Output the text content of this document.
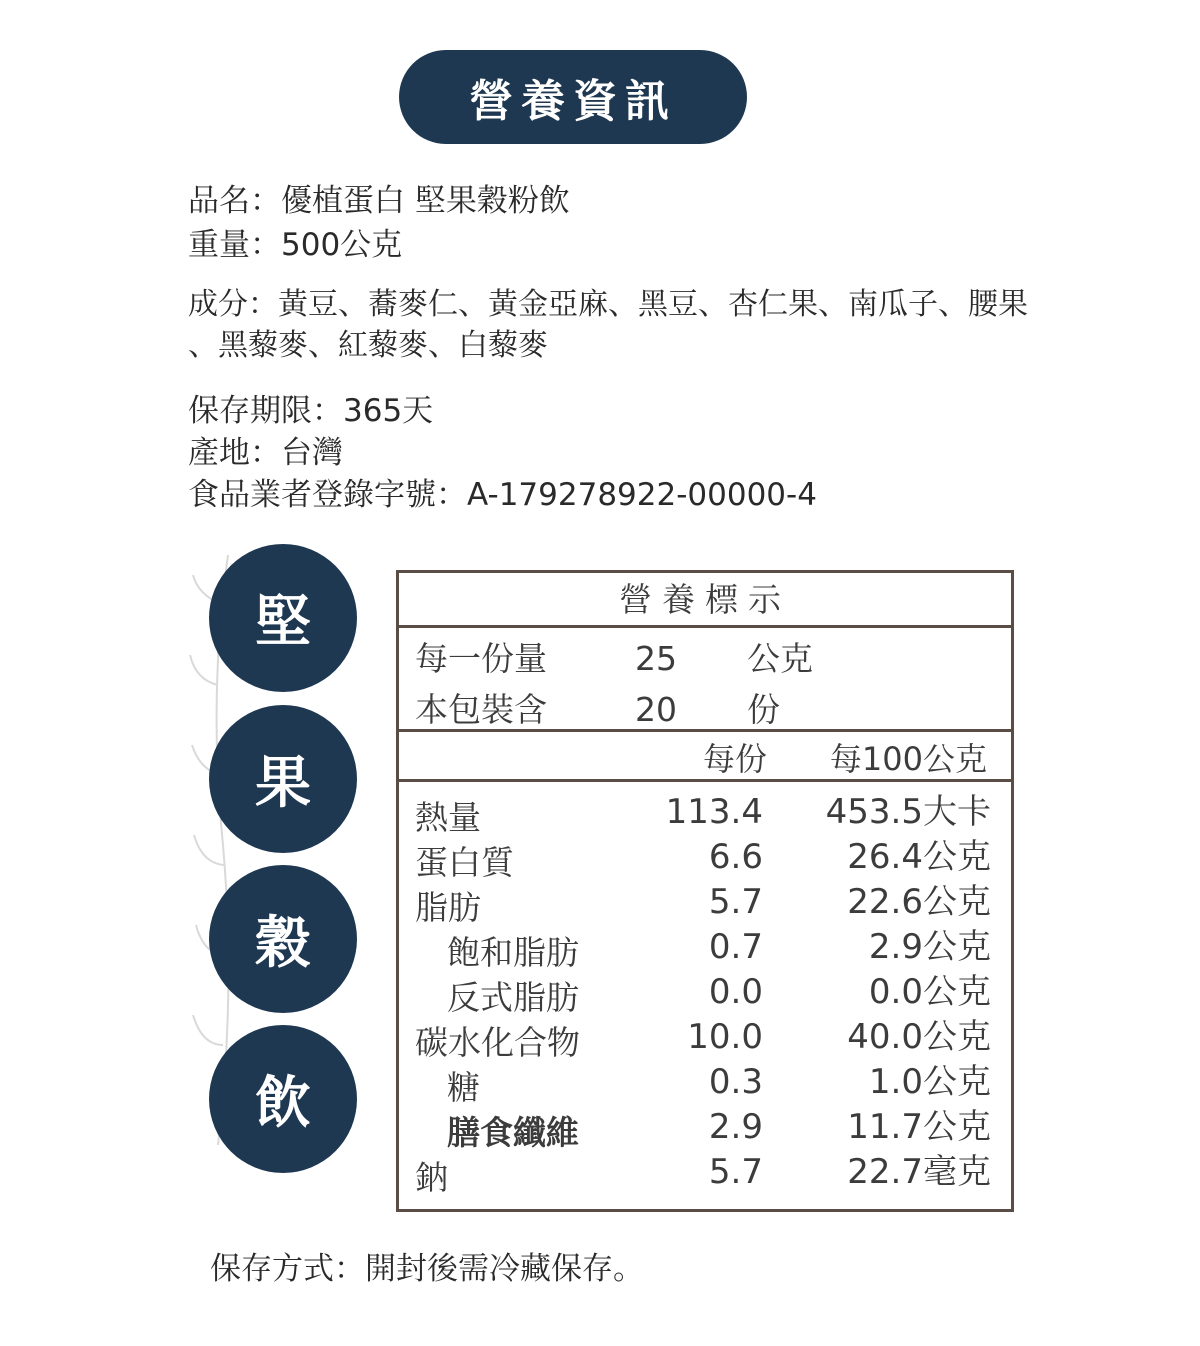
營養資訊
品名：優植蛋白 堅果穀粉飲
重量：500公克
成分：黃豆、蕎麥仁、黃金亞麻、黑豆、杏仁果、南瓜子、腰果
、黑藜麥、紅藜麥、白藜麥
保存期限：365天
產地：台灣
食品業者登錄字號：A-179278922-00000-4
堅
果
穀
飲
營養標示
每一份量	25 公克
本包裝含	20 份
每份 每100公克
熱量	113.4 453.5大卡
蛋白質	6.6 26.4公克
脂肪	5.7 22.6公克
飽和脂肪	0.7	2.9公克
反式脂肪	0.0	0.0公克
碳水化合物	10.0 40.0公克
糖	0.3	1.0公克
膳食纖維	2.9 11.7公克
鈉	5.7 22.7毫克
保存方式：開封後需冷藏保存。
